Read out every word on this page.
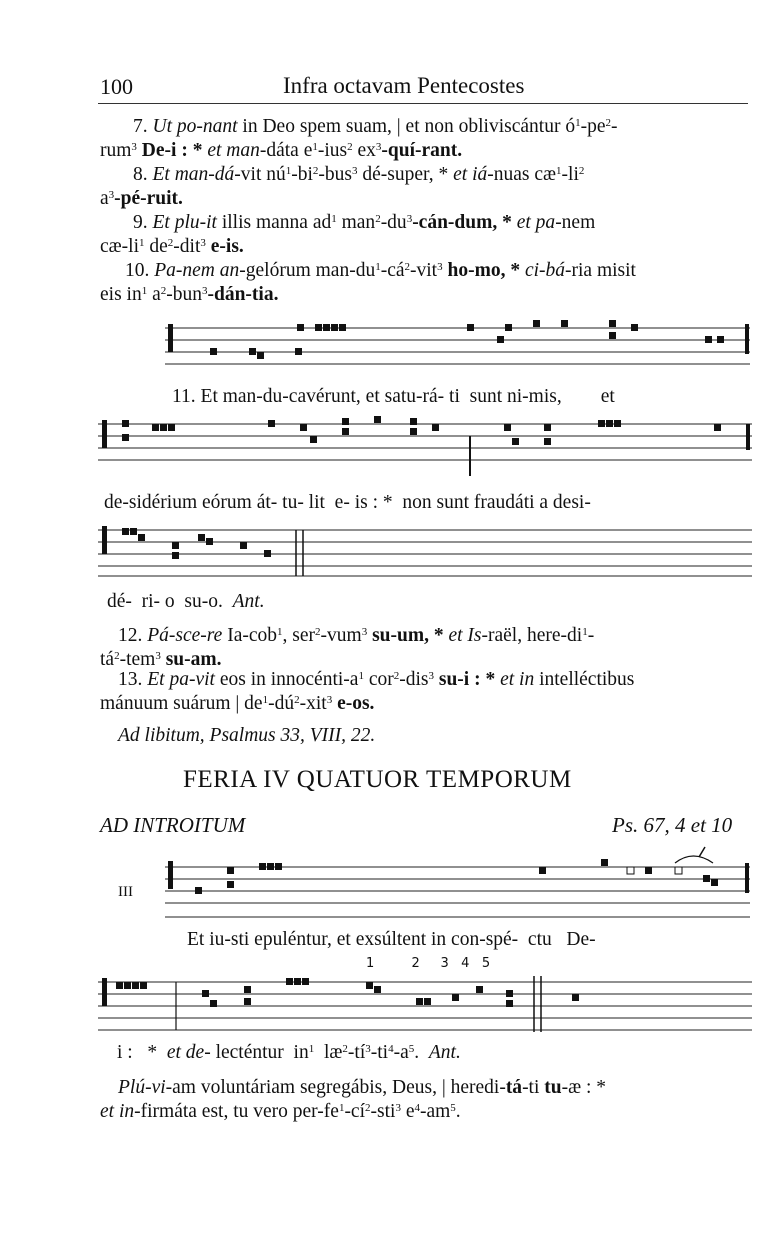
100	Infra octavam Pentecostes
7. Ut po-nant in Deo spem suam, | et non obliviscántur $ó^1-pe^2-$
rum$^3$ De-i : * et man-dáta $e^1-ius^2$ $ex^3-quí$-rant.
8. Et man-dá-vit $nú^1-bi^2-bus^3$ dé-super, * et iá-nuas $cæ^1-li^2$
$a^3-pé$-ruit.
9. Et plu-it illis manna $ad^1$ $man^2-du^3-cán$-dum, * et pa-nem
$cæ-li^1$ $de^2-dit^3$ e-is.
10. Pa-nem an-gelórum man-$du^1-cá^2-vit^3$ ho-mo, * ci-bá-ria misit
eis $in^1$ $a^2-bun^3-dán$-tia.
11. Et man-du-cavérunt, et satu-rá- ti  sunt ni-mis,        et
de-sidérium eórum át- tu- lit  e- is : *  non sunt fraudáti a desi-
dé-  ri- o  su-o. Ant.
12. Pá-sce-re Ia-cob$^1$, ser$^2$-vum$^3$ su-um, * et Is-raël, here-$di^1-$
$tá^2-tem^3$ su-am.
13. Et pa-vit eos in innocénti-$a^1$ cor$^2$-dis$^3$ su-i : * et in intelléctibus
mánuum suárum | $de^1-dú^2-xit^3$ e-os.
Ad libitum, Psalmus 33, VIII, 22.
FERIA IV QUATUOR TEMPORUM
AD INTROITUM	Ps. 67, 4 et 10
III
Et iu-sti epuléntur, et exsúltent in con-spé-  ctu   De-
1	2 3 4 5
i :   *  et de- lecténtur  $in^1$  $læ^2-tí^3-ti^4-a^5$.  Ant.
Plú-vi-am voluntáriam segregábis, Deus, | heredi-tá-ti tu-æ : *
et in-firmáta est, tu vero per-$fe^1-cí^2-sti^3$ $e^4-am^5$.
